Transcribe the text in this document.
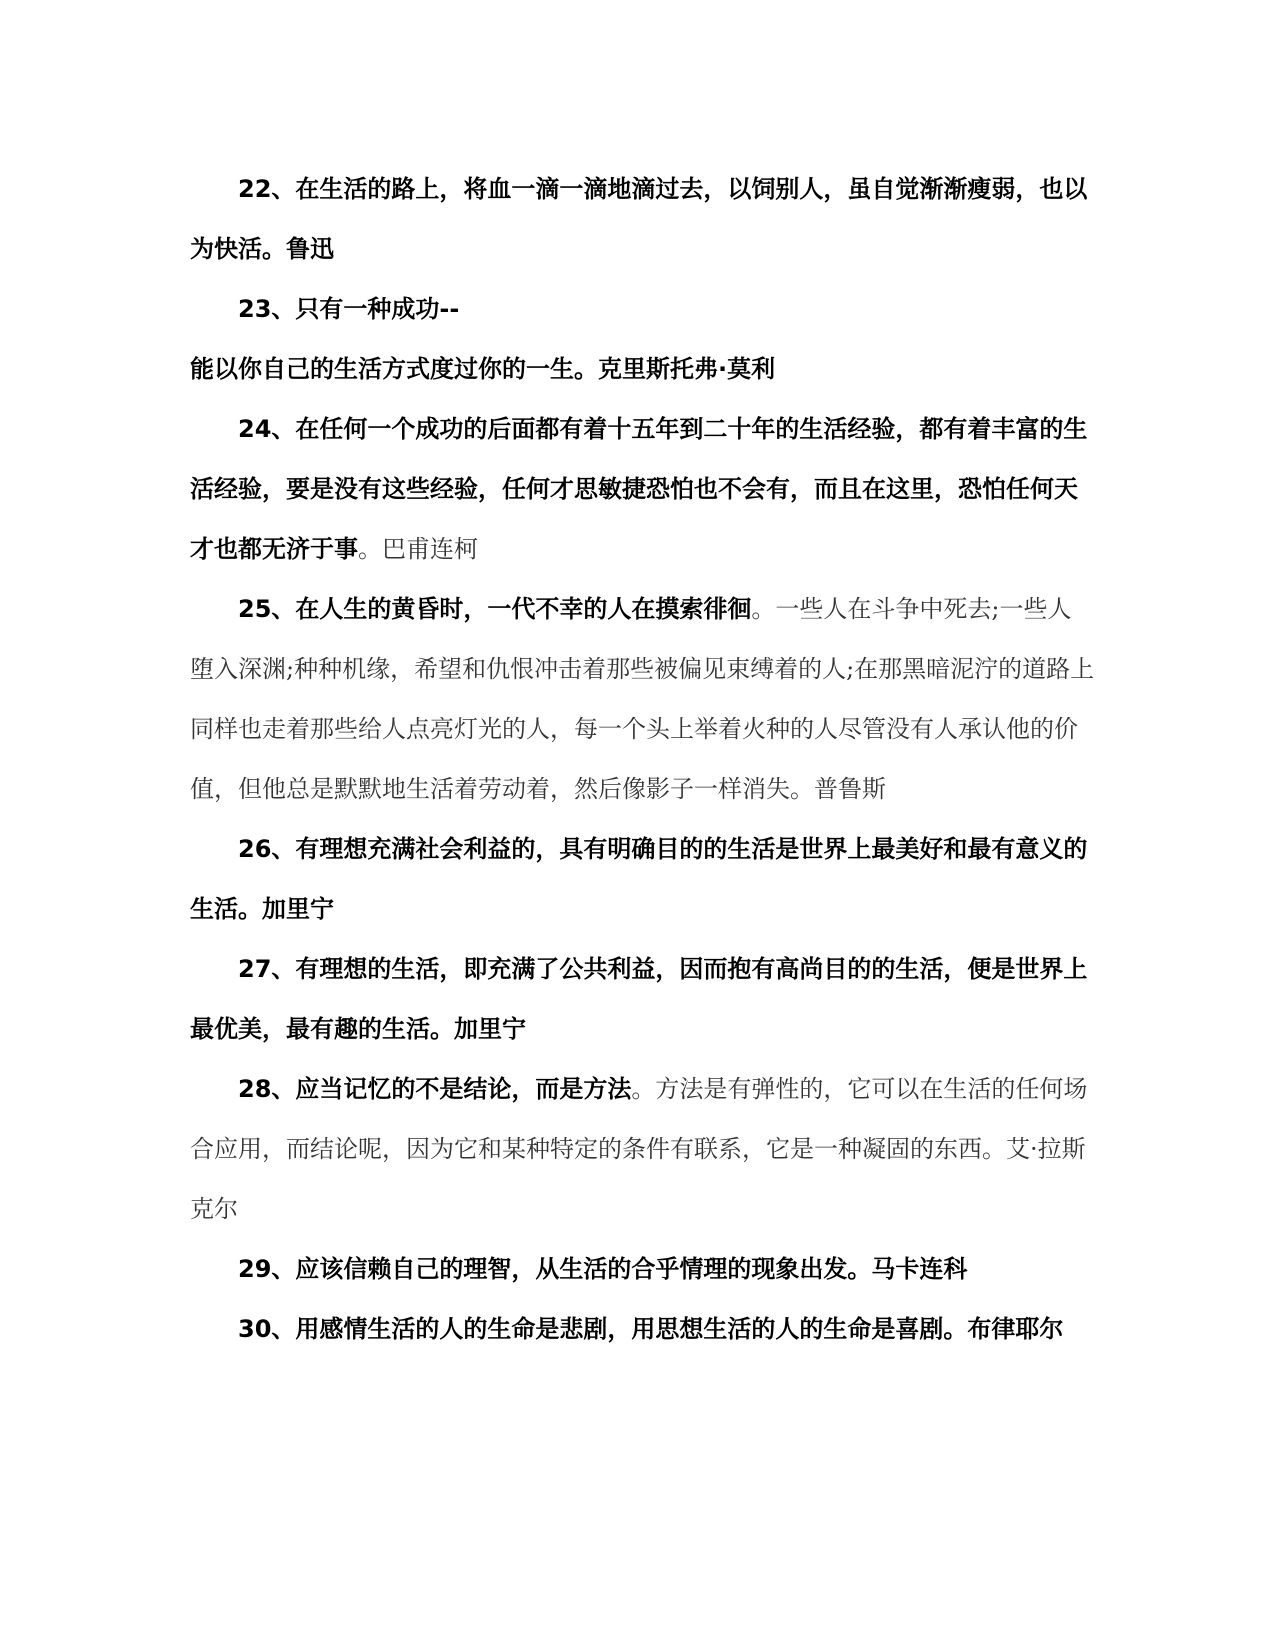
22、在生活的路上，将血一滴一滴地滴过去，以饲别人，虽自觉渐渐瘦弱，也以为快活。鲁迅

23、只有一种成功--

能以你自己的生活方式度过你的一生。克里斯托弗·莫利

24、在任何一个成功的后面都有着十五年到二十年的生活经验，都有着丰富的生活经验，要是没有这些经验，任何才思敏捷恐怕也不会有，而且在这里，恐怕任何天才也都无济于事。巴甫连柯

25、在人生的黄昏时，一代不幸的人在摸索徘徊。一些人在斗争中死去;一些人堕入深渊;种种机缘，希望和仇恨冲击着那些被偏见束缚着的人;在那黑暗泥泞的道路上同样也走着那些给人点亮灯光的人，每一个头上举着火种的人尽管没有人承认他的价值，但他总是默默地生活着劳动着，然后像影子一样消失。普鲁斯

26、有理想充满社会利益的，具有明确目的的生活是世界上最美好和最有意义的生活。加里宁

27、有理想的生活，即充满了公共利益，因而抱有高尚目的的生活，便是世界上最优美，最有趣的生活。加里宁

28、应当记忆的不是结论，而是方法。方法是有弹性的，它可以在生活的任何场合应用，而结论呢，因为它和某种特定的条件有联系，它是一种凝固的东西。艾·拉斯克尔

29、应该信赖自己的理智，从生活的合乎情理的现象出发。马卡连科

30、用感情生活的人的生命是悲剧，用思想生活的人的生命是喜剧。布律耶尔
